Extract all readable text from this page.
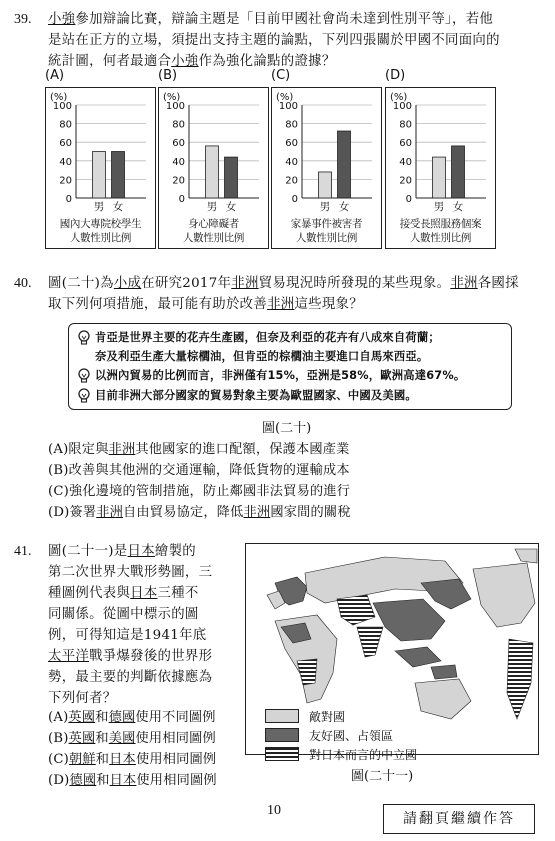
39. 小強參加辯論比賽，辯論主題是「目前甲國社會尚未達到性別平等」，若他
是站在正方的立場，須提出支持主題的論點，下列四張關於甲國不同面向的
統計圖，何者最適合小強作為強化論點的證據？
(A)	(B)	(C)	(D)
(%)
0
20
40
60
80
100
男 女
國內大專院校學生
人數性別比例
(%)
0
20
40
60
80
100
男 女
身心障礙者
人數性別比例
(%)
0
20
40
60
80
100
男 女
家暴事件被害者
人數性別比例
(%)
0
20
40
60
80
100
男 女
接受長照服務個案
人數性別比例
40. 圖(二十)為小成在研究2017年非洲貿易現況時所發現的某些現象。非洲各國採
取下列何項措施，最可能有助於改善非洲這些現象？
肯亞是世界主要的花卉生產國，但奈及利亞的花卉有八成來自荷蘭；
奈及利亞生產大量棕櫚油，但肯亞的棕櫚油主要進口自馬來西亞。
以洲內貿易的比例而言，非洲僅有15%，亞洲是58%，歐洲高達67%。
目前非洲大部分國家的貿易對象主要為歐盟國家、中國及美國。
圖(二十)
(A)限定與非洲其他國家的進口配額，保護本國產業
(B)改善與其他洲的交通運輸，降低貨物的運輸成本
(C)強化邊境的管制措施，防止鄰國非法貿易的進行
(D)簽署非洲自由貿易協定，降低非洲國家間的關稅
41. 圖(二十一)是日本繪製的
第二次世界大戰形勢圖，三
種圖例代表與日本三種不
同關係。從圖中標示的圖
例，可得知這是1941年底
太平洋戰爭爆發後的世界形
勢，最主要的判斷依據應為
下列何者？
(A)英國和德國使用不同圖例
(B)英國和美國使用相同圖例
(C)朝鮮和日本使用相同圖例
(D)德國和日本使用相同圖例
敵對國
友好國、占領區
對日本而言的中立國
圖(二十一)
10
請翻頁繼續作答
